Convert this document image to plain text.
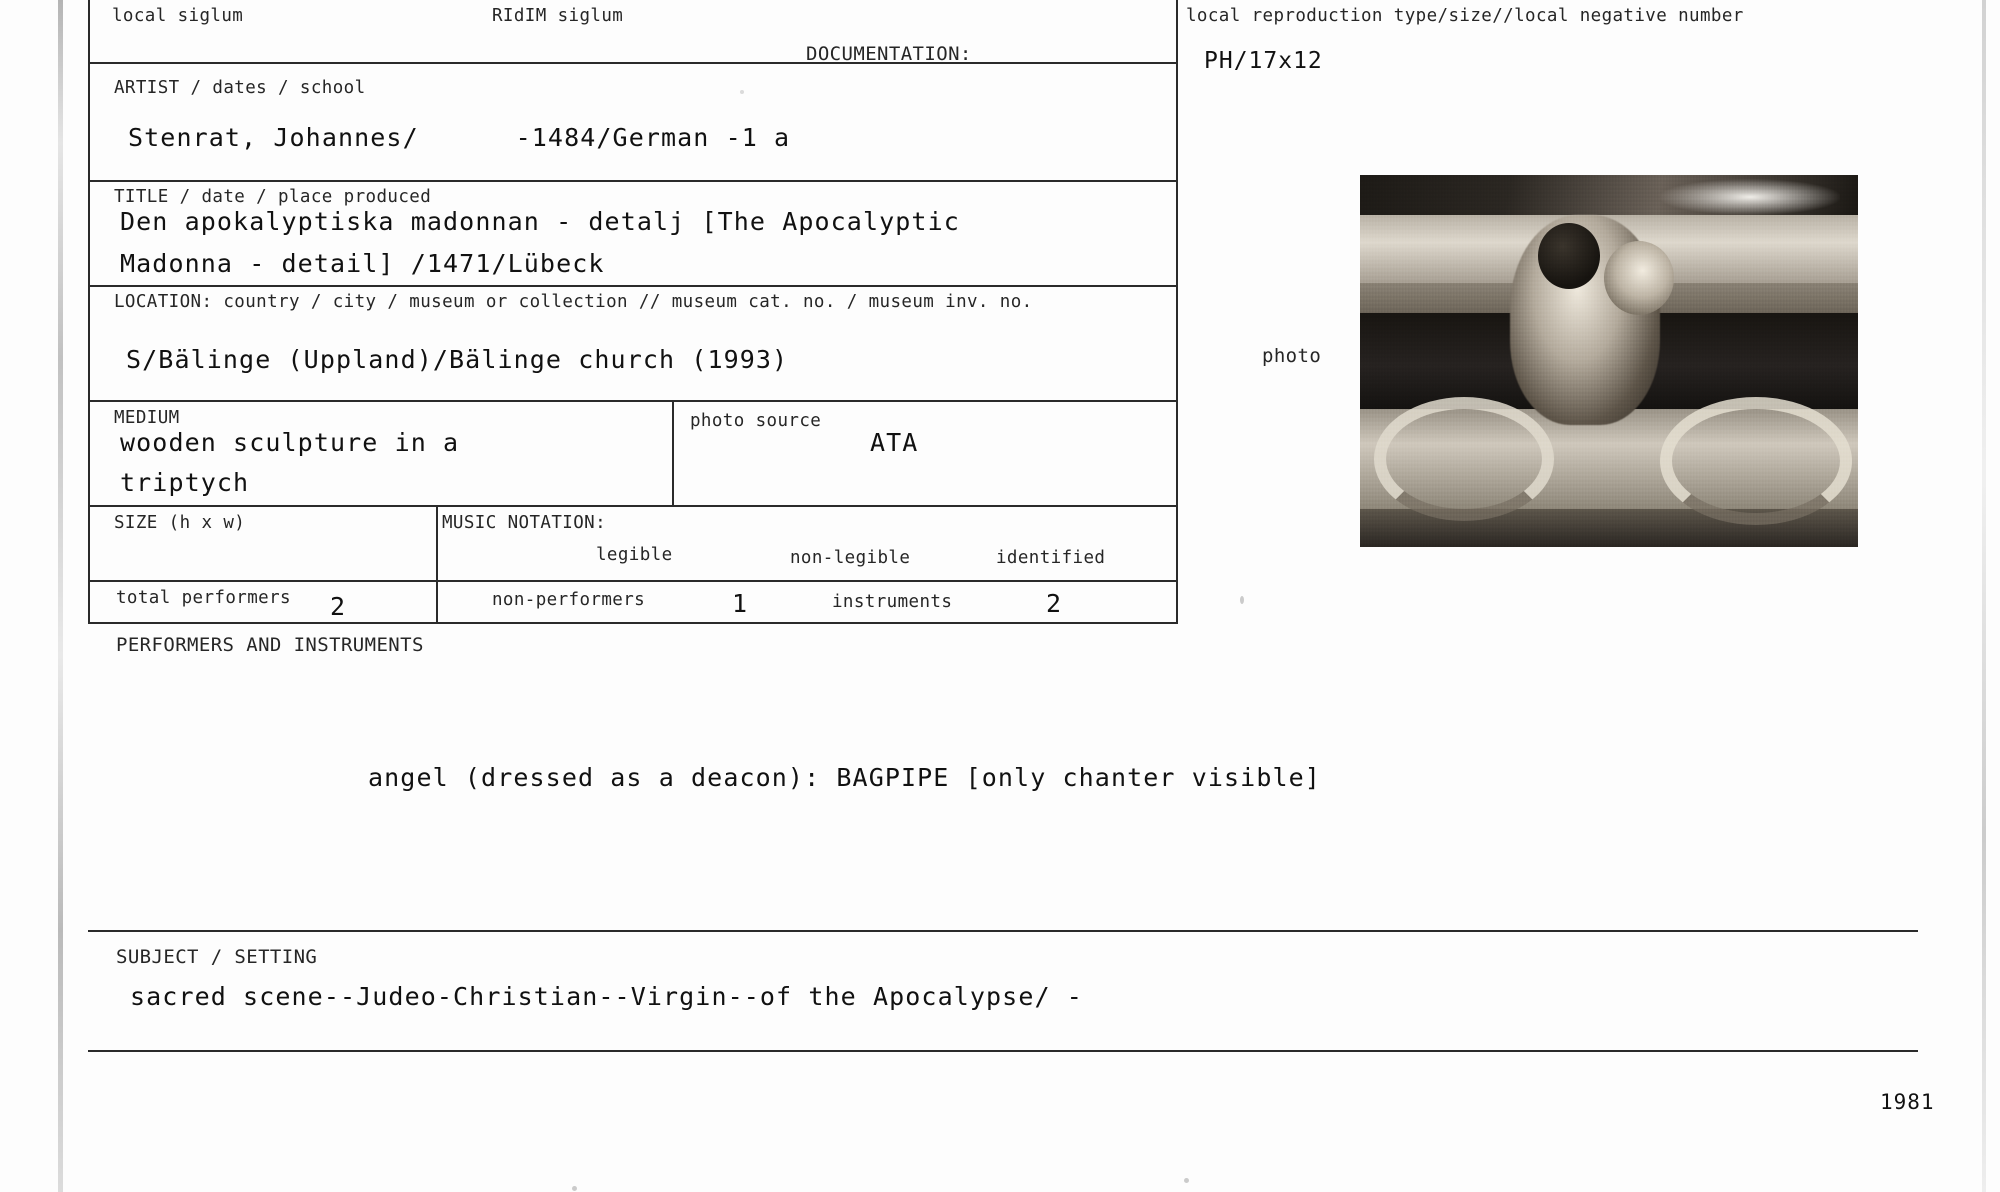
local siglum	RIdIM siglum
DOCUMENTATION:
local reproduction type/size//local negative number
PH/17x12
ARTIST / dates / school
Stenrat, Johannes/      -1484/German -1 a
TITLE / date / place produced
Den apokalyptiska madonnan - detalj [The Apocalyptic
Madonna - detail] /1471/Lübeck
LOCATION: country / city / museum or collection // museum cat. no. / museum inv. no.
S/Bälinge (Uppland)/Bälinge church (1993)
MEDIUM
wooden sculpture in a
triptych
photo source
ATA
SIZE (h x w)	MUSIC NOTATION:
legible	non-legible	identified
total performers 2	non-performers	1	instruments	2
PERFORMERS AND INSTRUMENTS
angel (dressed as a deacon): BAGPIPE [only chanter visible]
SUBJECT / SETTING
sacred scene--Judeo-Christian--Virgin--of the Apocalypse/ -
1981
photo
